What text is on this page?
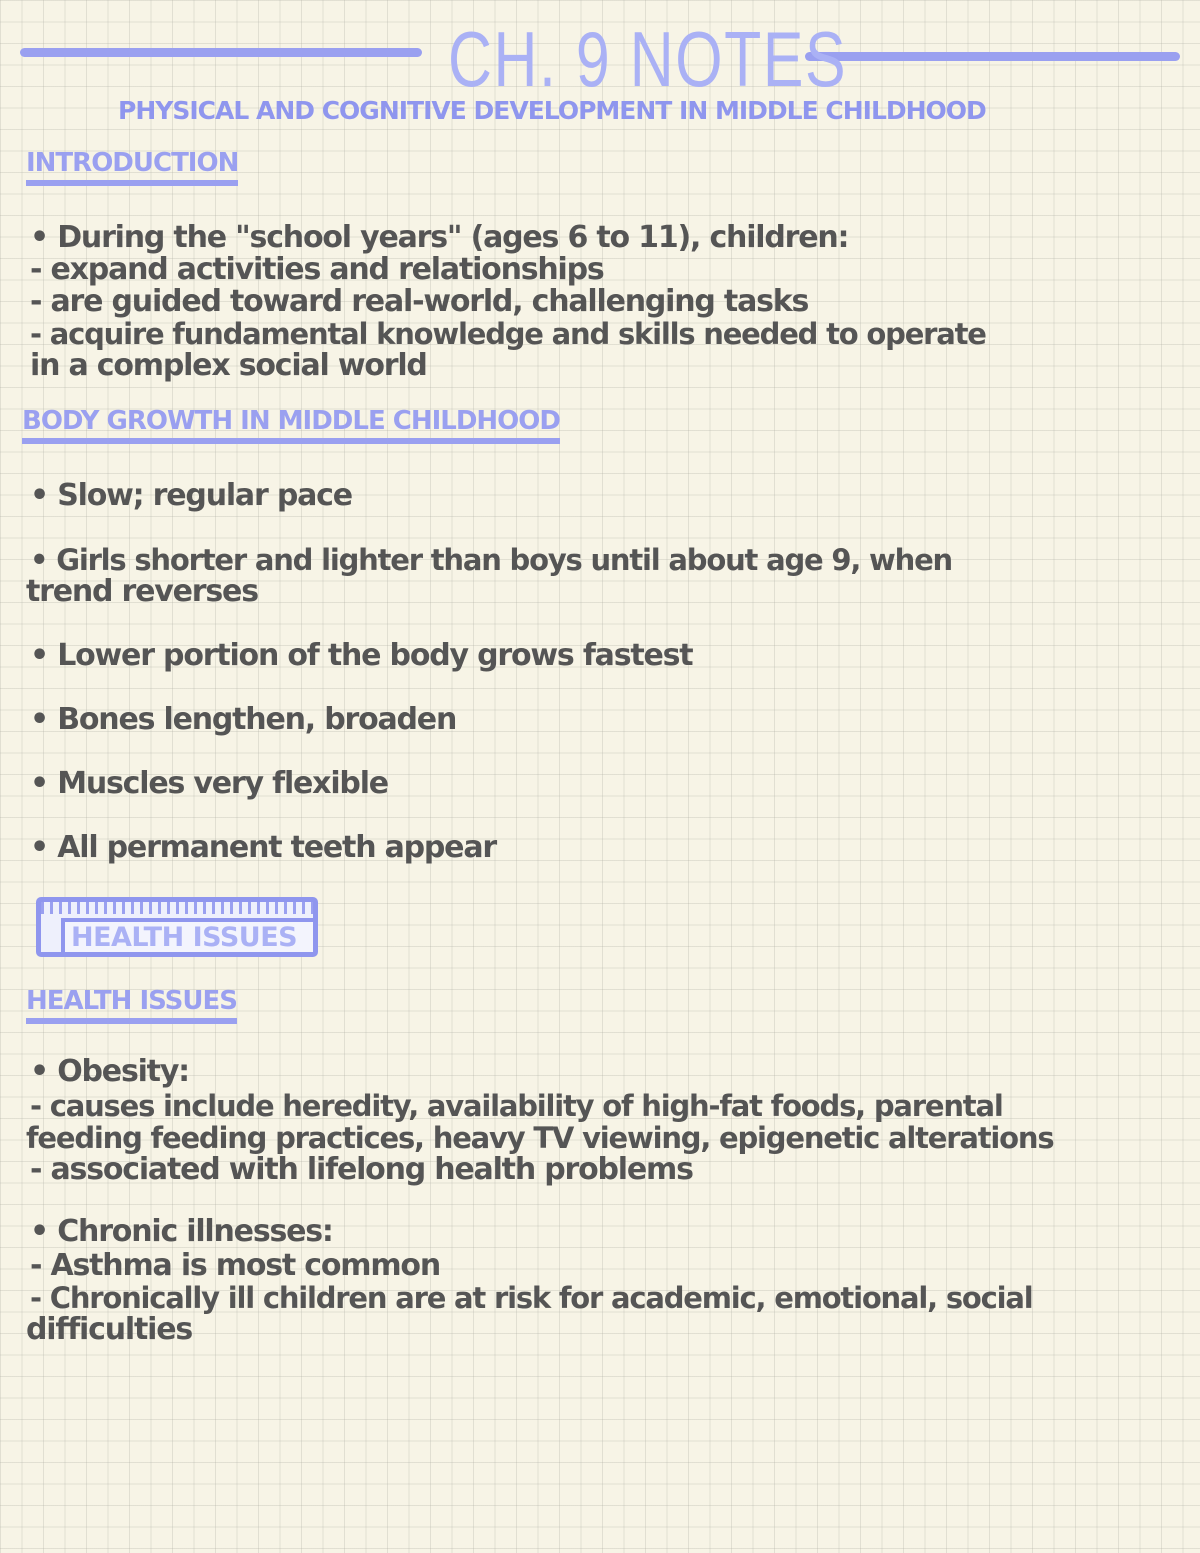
CH. 9 NOTES
PHYSICAL AND COGNITIVE DEVELOPMENT IN MIDDLE CHILDHOOD
INTRODUCTION
• During the "school years" (ages 6 to 11), children:
- expand activities and relationships
- are guided toward real-world, challenging tasks
- acquire fundamental knowledge and skills needed to operate
in a complex social world
BODY GROWTH IN MIDDLE CHILDHOOD
• Slow; regular pace
• Girls shorter and lighter than boys until about age 9, when
trend reverses
• Lower portion of the body grows fastest
• Bones lengthen, broaden
• Muscles very flexible
• All permanent teeth appear
HEALTH ISSUES
HEALTH ISSUES
• Obesity:
- causes include heredity, availability of high-fat foods, parental
feeding feeding practices, heavy TV viewing, epigenetic alterations
- associated with lifelong health problems
• Chronic illnesses:
- Asthma is most common
- Chronically ill children are at risk for academic, emotional, social
difficulties
